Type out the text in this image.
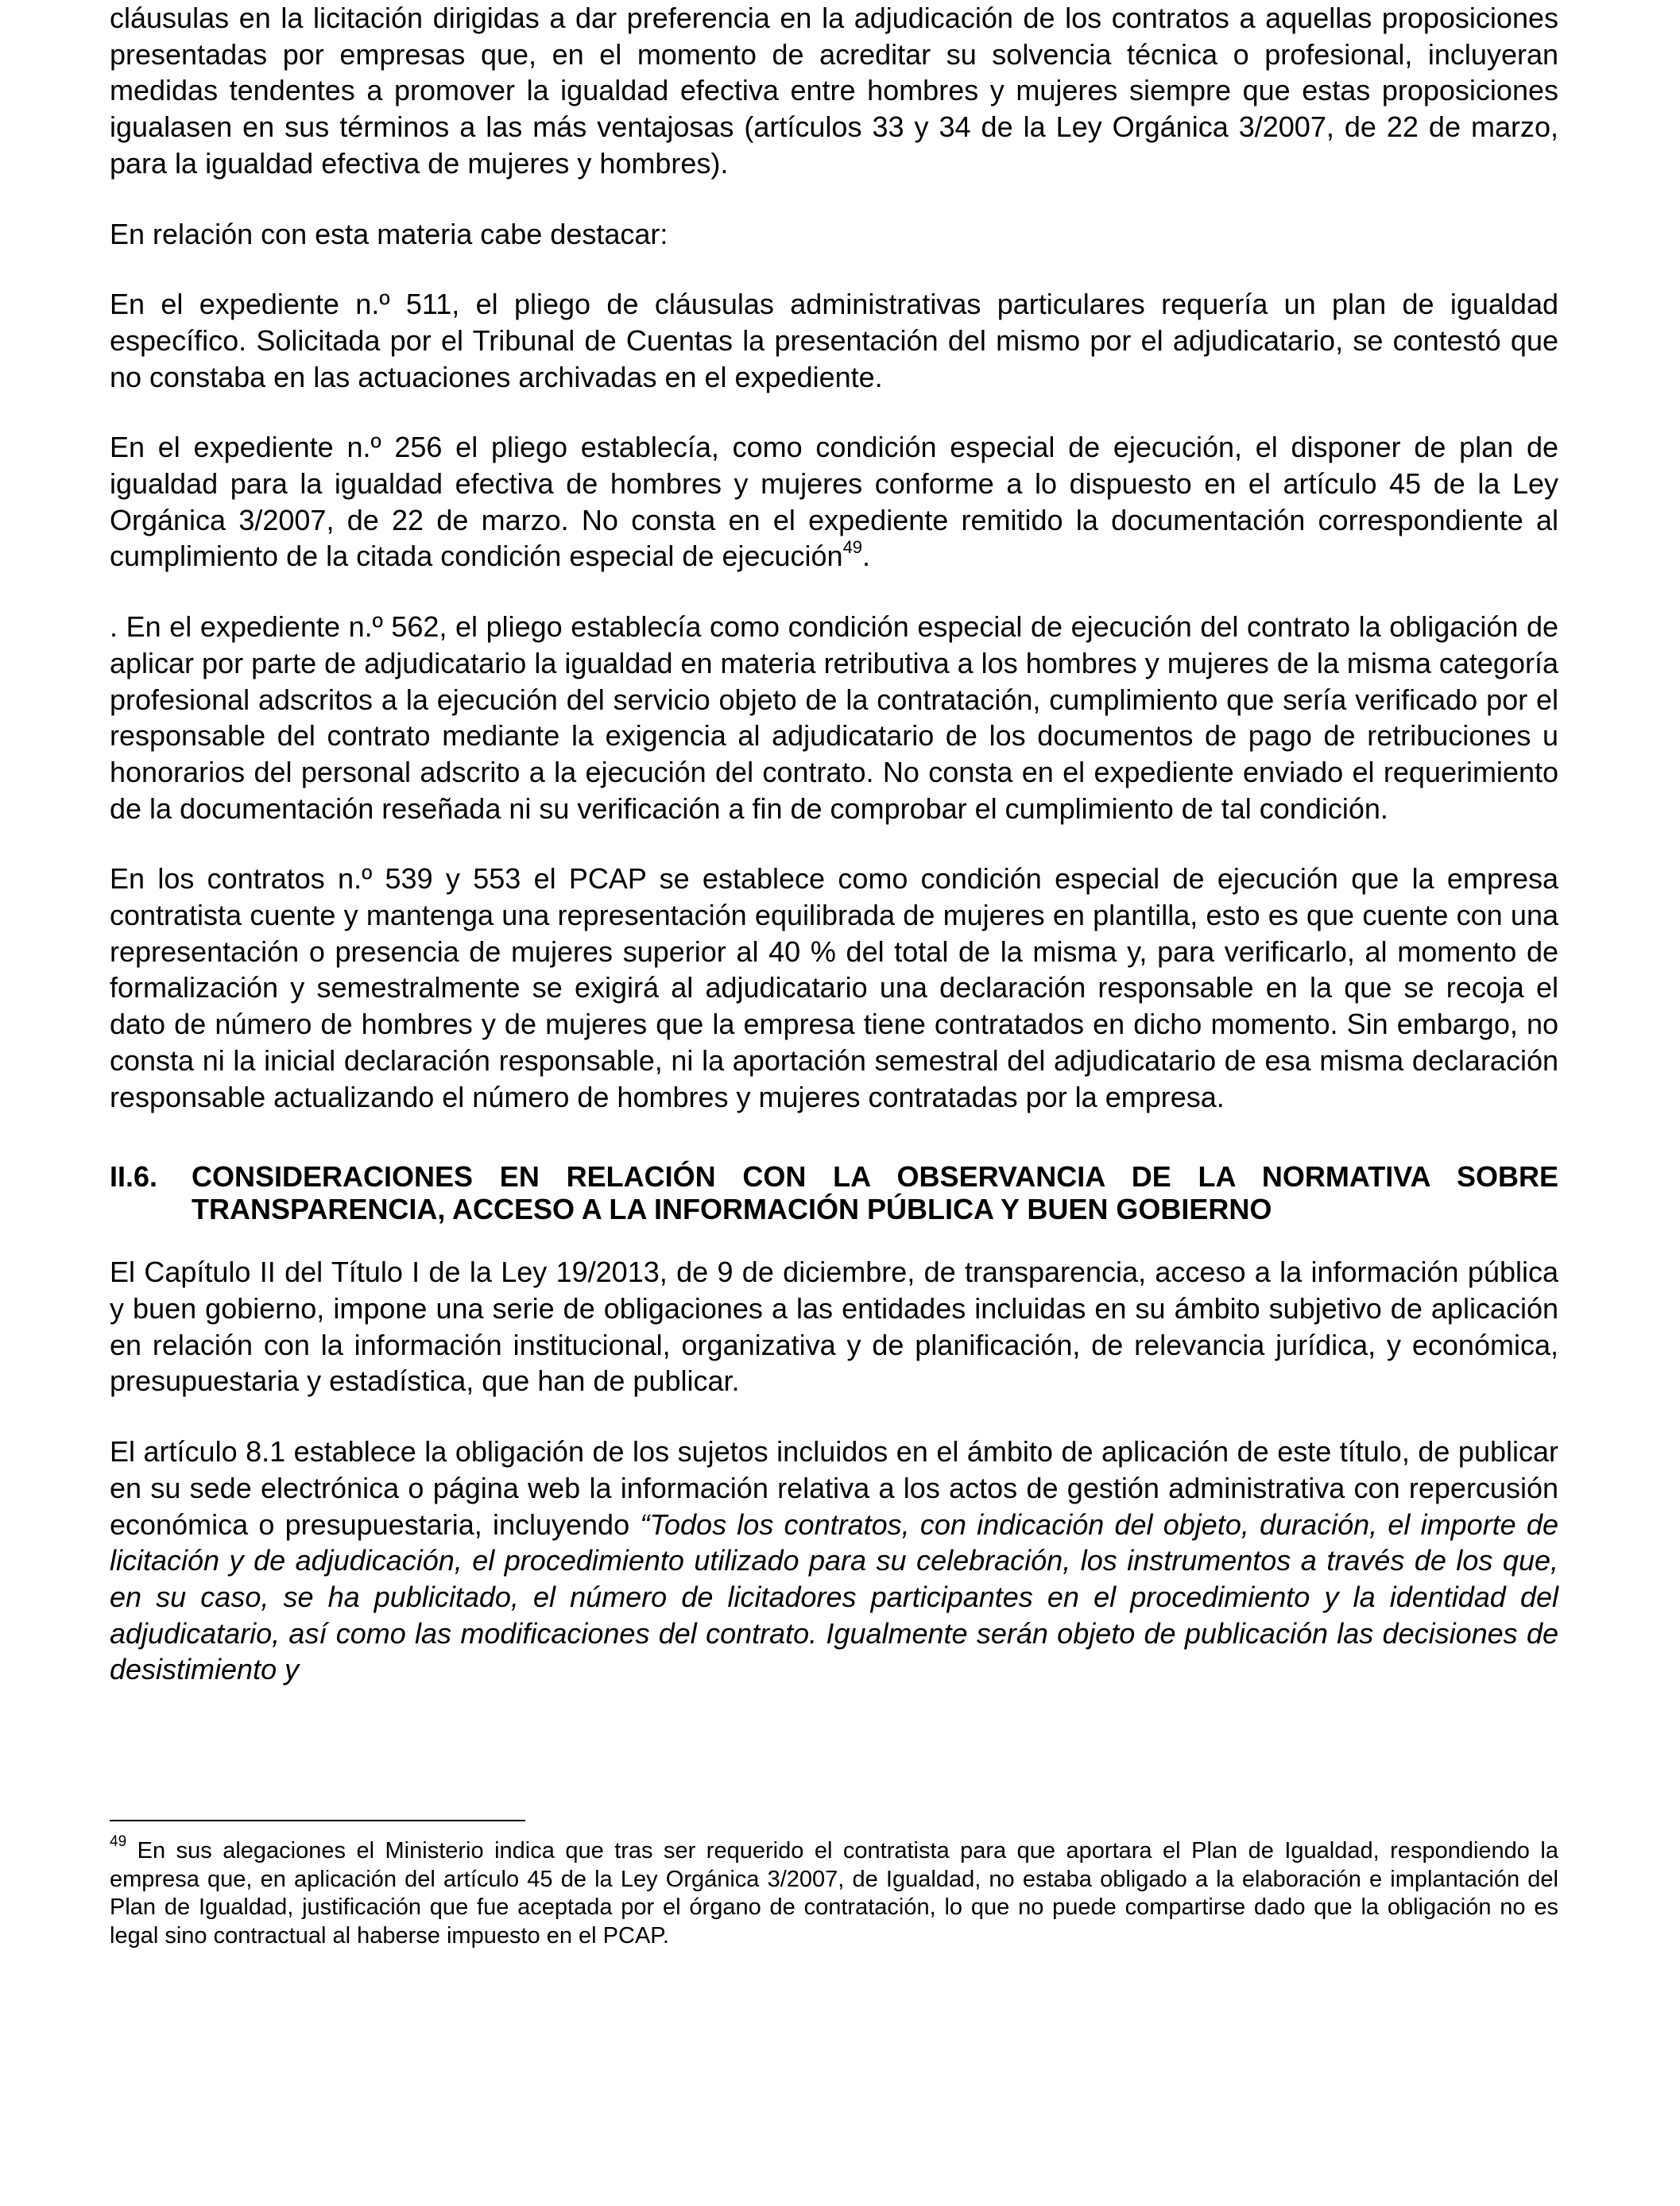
cláusulas en la licitación dirigidas a dar preferencia en la adjudicación de los contratos a aquellas proposiciones presentadas por empresas que, en el momento de acreditar su solvencia técnica o profesional, incluyeran medidas tendentes a promover la igualdad efectiva entre hombres y mujeres siempre que estas proposiciones igualasen en sus términos a las más ventajosas (artículos 33 y 34 de la Ley Orgánica 3/2007, de 22 de marzo, para la igualdad efectiva de mujeres y hombres).

En relación con esta materia cabe destacar:

En el expediente n.º 511, el pliego de cláusulas administrativas particulares requería un plan de igualdad específico. Solicitada por el Tribunal de Cuentas la presentación del mismo por el adjudicatario, se contestó que no constaba en las actuaciones archivadas en el expediente.

En el expediente n.º 256 el pliego establecía, como condición especial de ejecución, el disponer de plan de igualdad para la igualdad efectiva de hombres y mujeres conforme a lo dispuesto en el artículo 45 de la Ley Orgánica 3/2007, de 22 de marzo. No consta en el expediente remitido la documentación correspondiente al cumplimiento de la citada condición especial de ejecución$^{49}$.

. En el expediente n.º 562, el pliego establecía como condición especial de ejecución del contrato la obligación de aplicar por parte de adjudicatario la igualdad en materia retributiva a los hombres y mujeres de la misma categoría profesional adscritos a la ejecución del servicio objeto de la contratación, cumplimiento que sería verificado por el responsable del contrato mediante la exigencia al adjudicatario de los documentos de pago de retribuciones u honorarios del personal adscrito a la ejecución del contrato. No consta en el expediente enviado el requerimiento de la documentación reseñada ni su verificación a fin de comprobar el cumplimiento de tal condición.

En los contratos n.º 539 y 553 el PCAP se establece como condición especial de ejecución que la empresa contratista cuente y mantenga una representación equilibrada de mujeres en plantilla, esto es que cuente con una representación o presencia de mujeres superior al 40 % del total de la misma y, para verificarlo, al momento de formalización y semestralmente se exigirá al adjudicatario una declaración responsable en la que se recoja el dato de número de hombres y de mujeres que la empresa tiene contratados en dicho momento. Sin embargo, no consta ni la inicial declaración responsable, ni la aportación semestral del adjudicatario de esa misma declaración responsable actualizando el número de hombres y mujeres contratadas por la empresa.

II.6.	CONSIDERACIONES EN RELACIÓN CON LA OBSERVANCIA DE LA NORMATIVA SOBRE TRANSPARENCIA, ACCESO A LA INFORMACIÓN PÚBLICA Y BUEN GOBIERNO

El Capítulo II del Título I de la Ley 19/2013, de 9 de diciembre, de transparencia, acceso a la información pública y buen gobierno, impone una serie de obligaciones a las entidades incluidas en su ámbito subjetivo de aplicación en relación con la información institucional, organizativa y de planificación, de relevancia jurídica, y económica, presupuestaria y estadística, que han de publicar.

El artículo 8.1 establece la obligación de los sujetos incluidos en el ámbito de aplicación de este título, de publicar en su sede electrónica o página web la información relativa a los actos de gestión administrativa con repercusión económica o presupuestaria, incluyendo “Todos los contratos, con indicación del objeto, duración, el importe de licitación y de adjudicación, el procedimiento utilizado para su celebración, los instrumentos a través de los que, en su caso, se ha publicitado, el número de licitadores participantes en el procedimiento y la identidad del adjudicatario, así como las modificaciones del contrato. Igualmente serán objeto de publicación las decisiones de desistimiento y

$^{49}$ En sus alegaciones el Ministerio indica que tras ser requerido el contratista para que aportara el Plan de Igualdad, respondiendo la empresa que, en aplicación del artículo 45 de la Ley Orgánica 3/2007, de Igualdad, no estaba obligado a la elaboración e implantación del Plan de Igualdad, justificación que fue aceptada por el órgano de contratación, lo que no puede compartirse dado que la obligación no es legal sino contractual al haberse impuesto en el PCAP.
